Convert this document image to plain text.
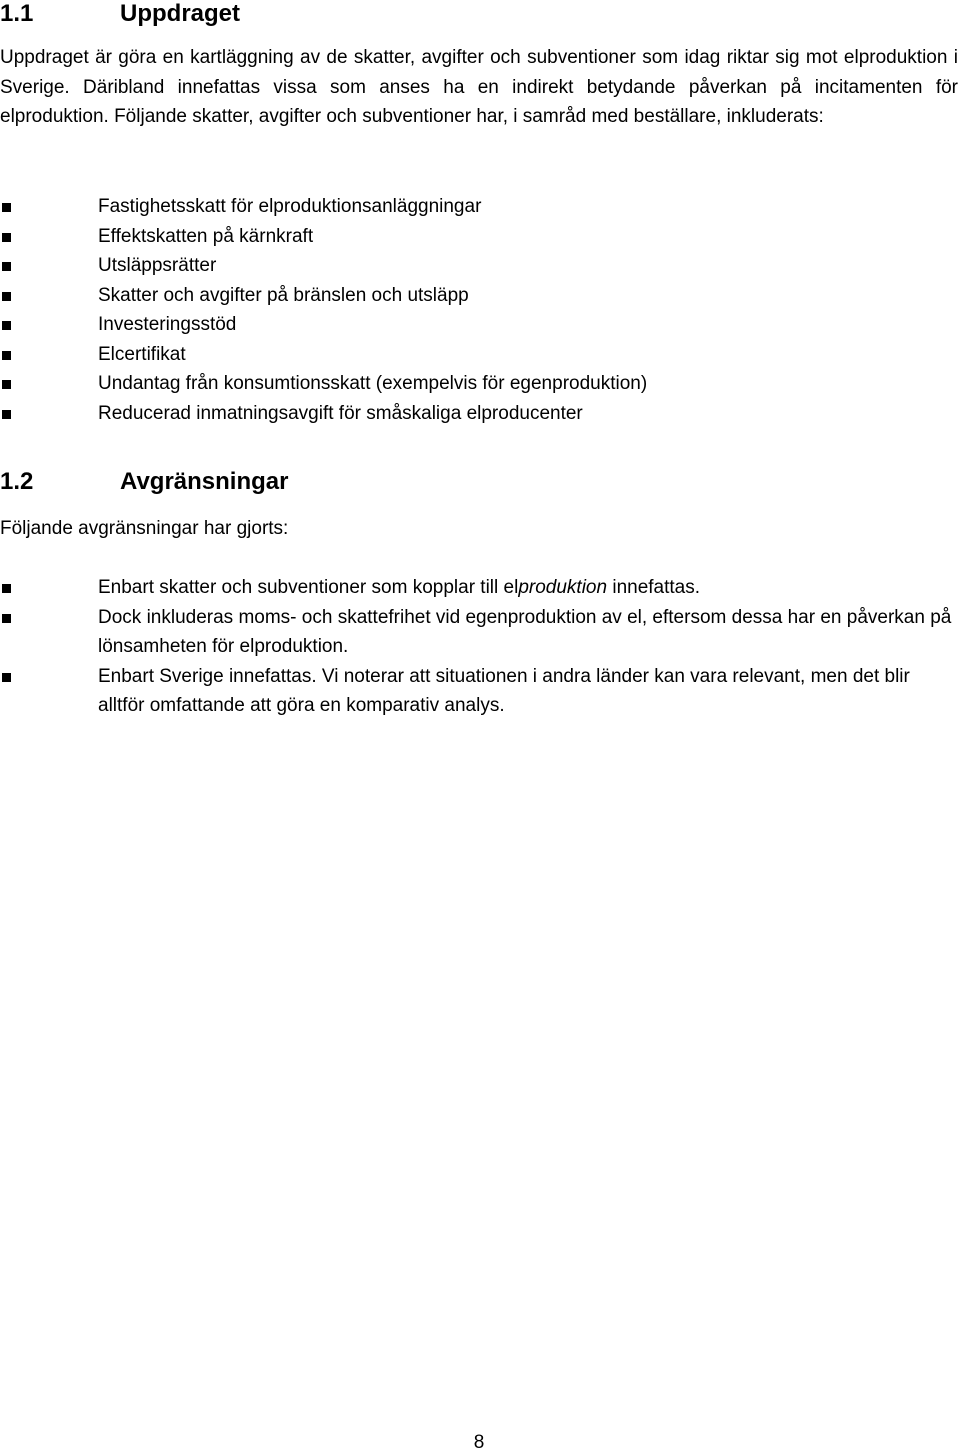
1.1	Uppdraget

Uppdraget är göra en kartläggning av de skatter, avgifter och subventioner som idag riktar sig mot elproduktion i Sverige. Däribland innefattas vissa som anses ha en indirekt betydande påverkan på incitamenten för elproduktion. Följande skatter, avgifter och subventioner har, i samråd med beställare, inkluderats:

Fastighetsskatt för elproduktionsanläggningar
Effektskatten på kärnkraft
Utsläppsrätter
Skatter och avgifter på bränslen och utsläpp
Investeringsstöd
Elcertifikat
Undantag från konsumtionsskatt (exempelvis för egenproduktion)
Reducerad inmatningsavgift för småskaliga elproducenter
1.2	Avgränsningar

Följande avgränsningar har gjorts:

Enbart skatter och subventioner som kopplar till elproduktion innefattas.
Dock inkluderas moms- och skattefrihet vid egenproduktion av el, eftersom dessa har en påverkan på lönsamheten för elproduktion.
Enbart Sverige innefattas. Vi noterar att situationen i andra länder kan vara relevant, men det blir alltför omfattande att göra en komparativ analys.
8
